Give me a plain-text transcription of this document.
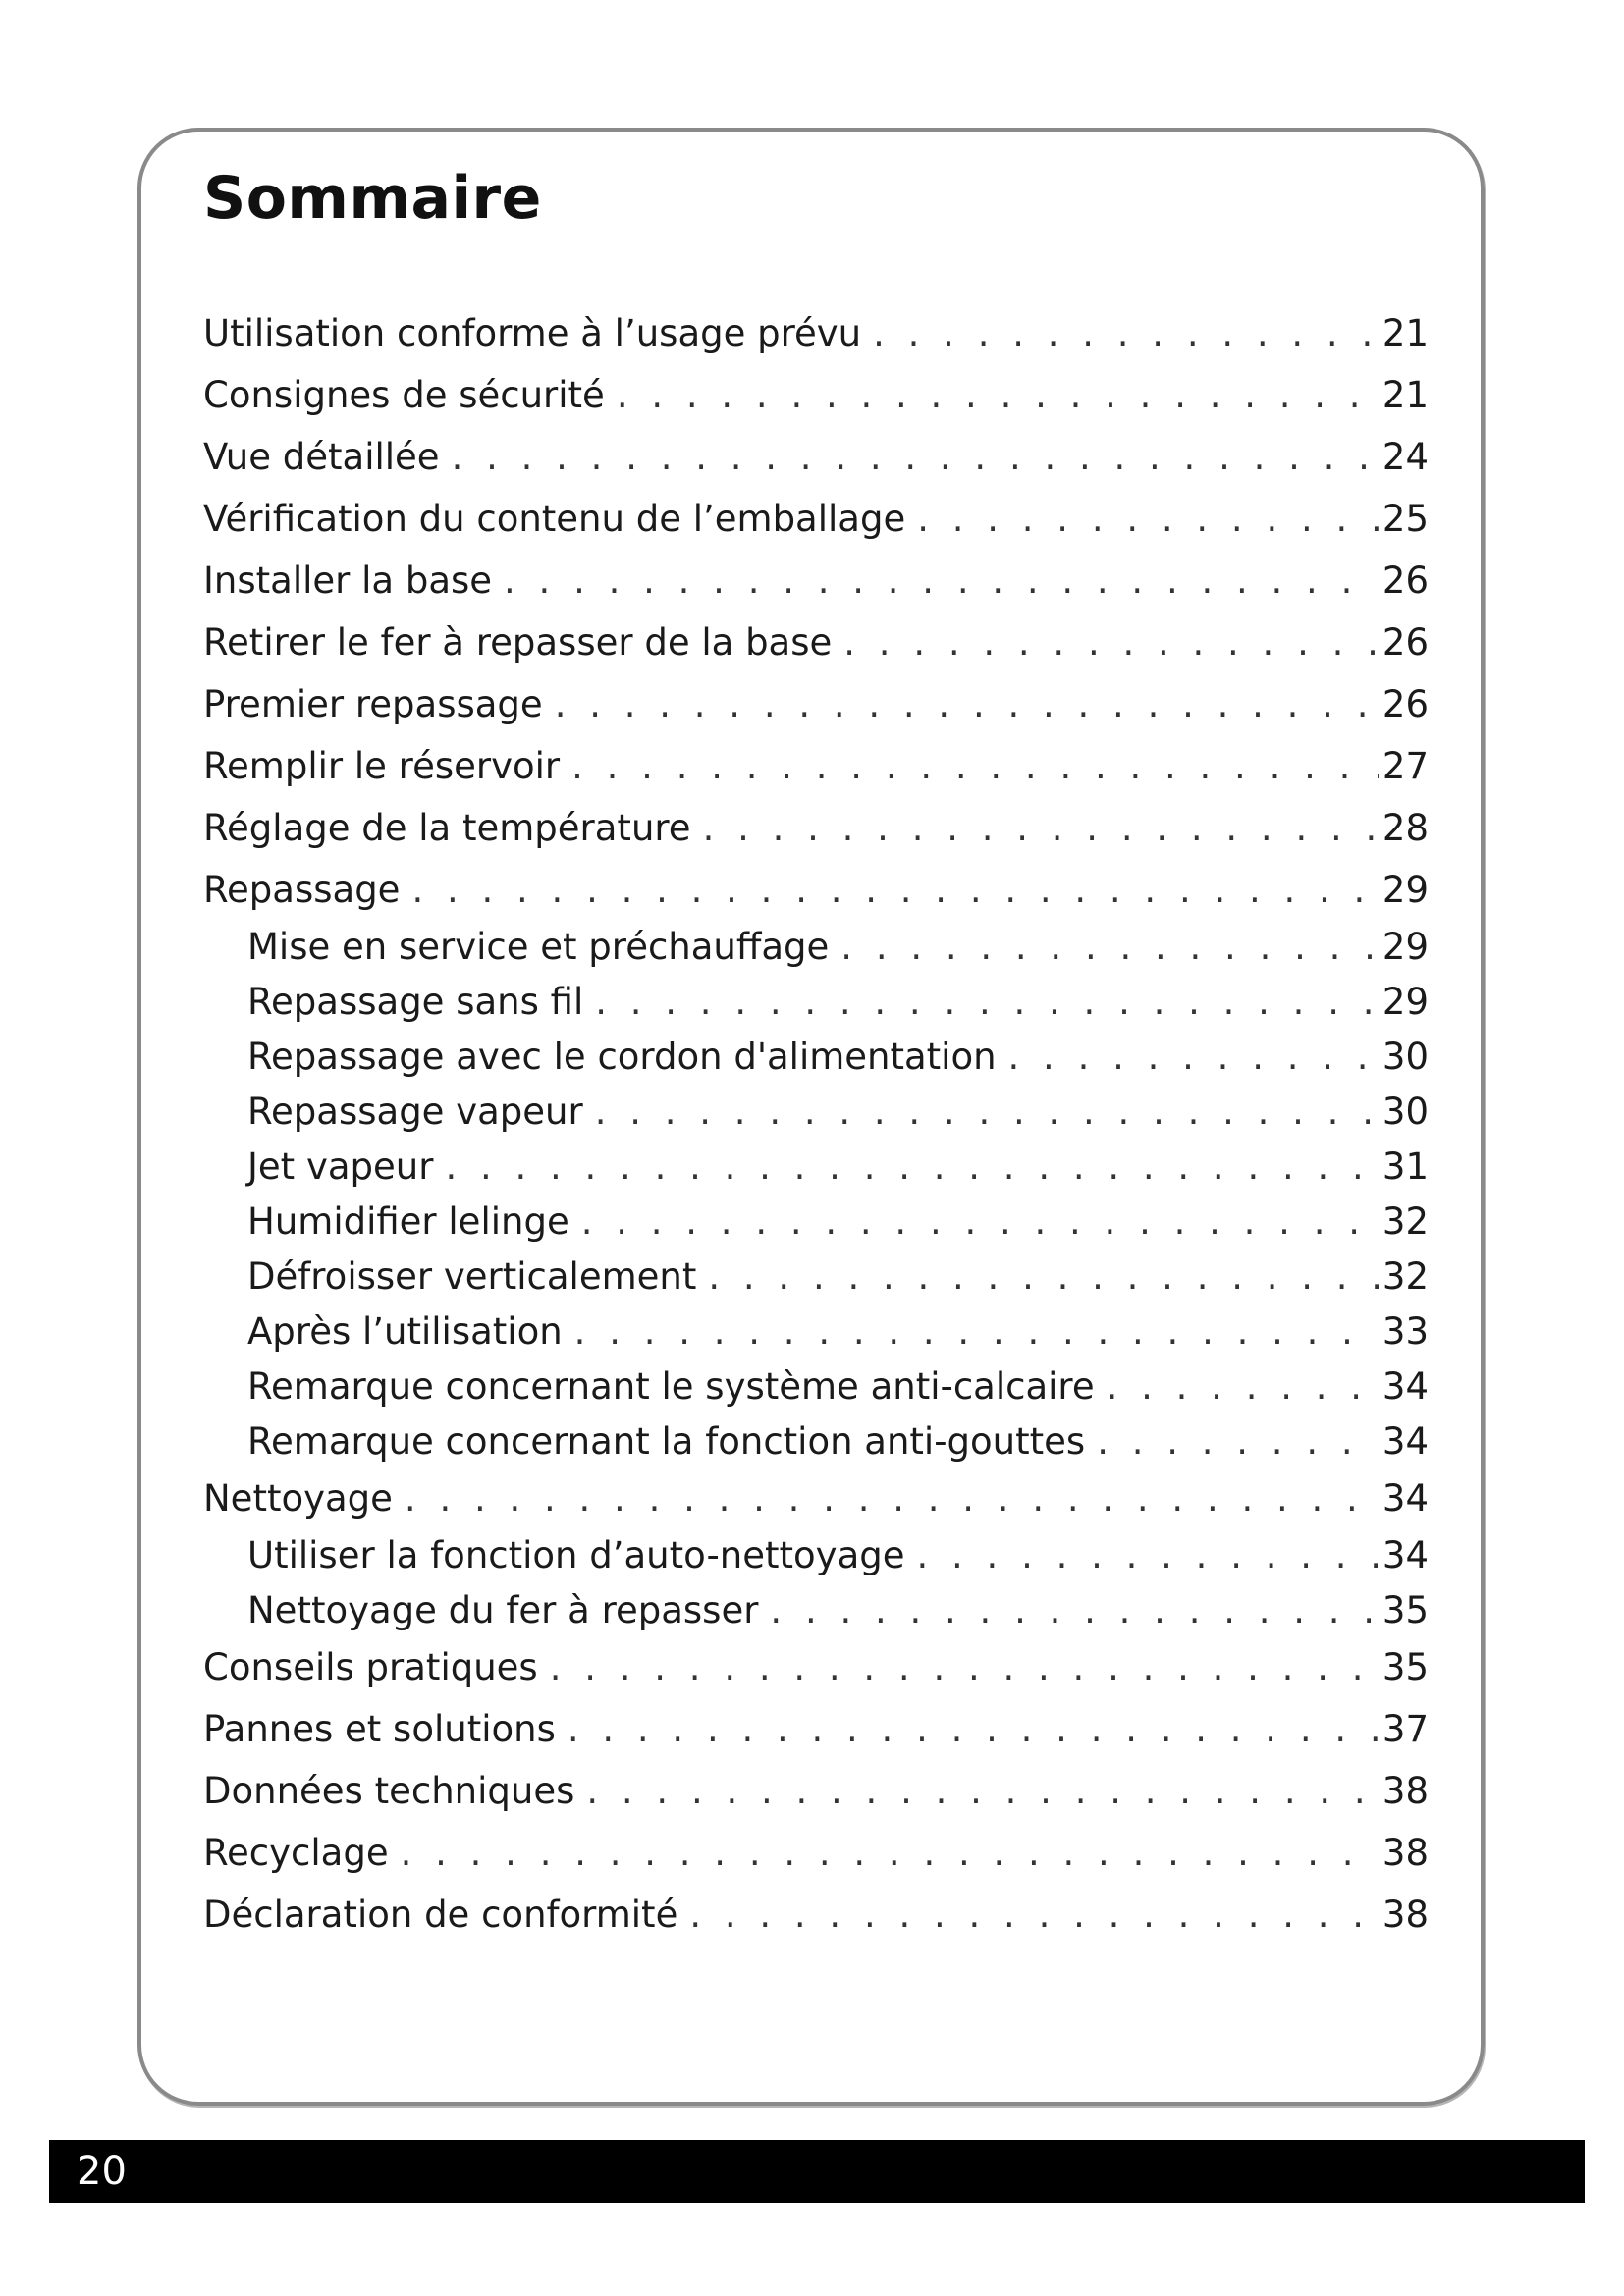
Sommaire
Utilisation conforme à l’usage prévu . . .	21
Consignes de sécurité . . .	21
Vue détaillée . . .	24
Vérification du contenu de l’emballage . . .	25
Installer la base . . .	26
Retirer le fer à repasser de la base . . .	26
Premier repassage . . .	26
Remplir le réservoir . . .	27
Réglage de la température . . .	28
Repassage . . .	29
Mise en service et préchauffage . . .	29
Repassage sans fil . . .	29
Repassage avec le cordon d'alimentation . . .	30
Repassage vapeur . . .	30
Jet vapeur . . .	31
Humidifier lelinge . . .	32
Défroisser verticalement . . .	32
Après l’utilisation . . .	33
Remarque concernant le système anti-calcaire . . .	34
Remarque concernant la fonction anti-gouttes . . .	34
Nettoyage . . .	34
Utiliser la fonction d’auto-nettoyage . . .	34
Nettoyage du fer à repasser . . .	35
Conseils pratiques . . .	35
Pannes et solutions . . .	37
Données techniques . . .	38
Recyclage . . .	38
Déclaration de conformité . . .	38
20
